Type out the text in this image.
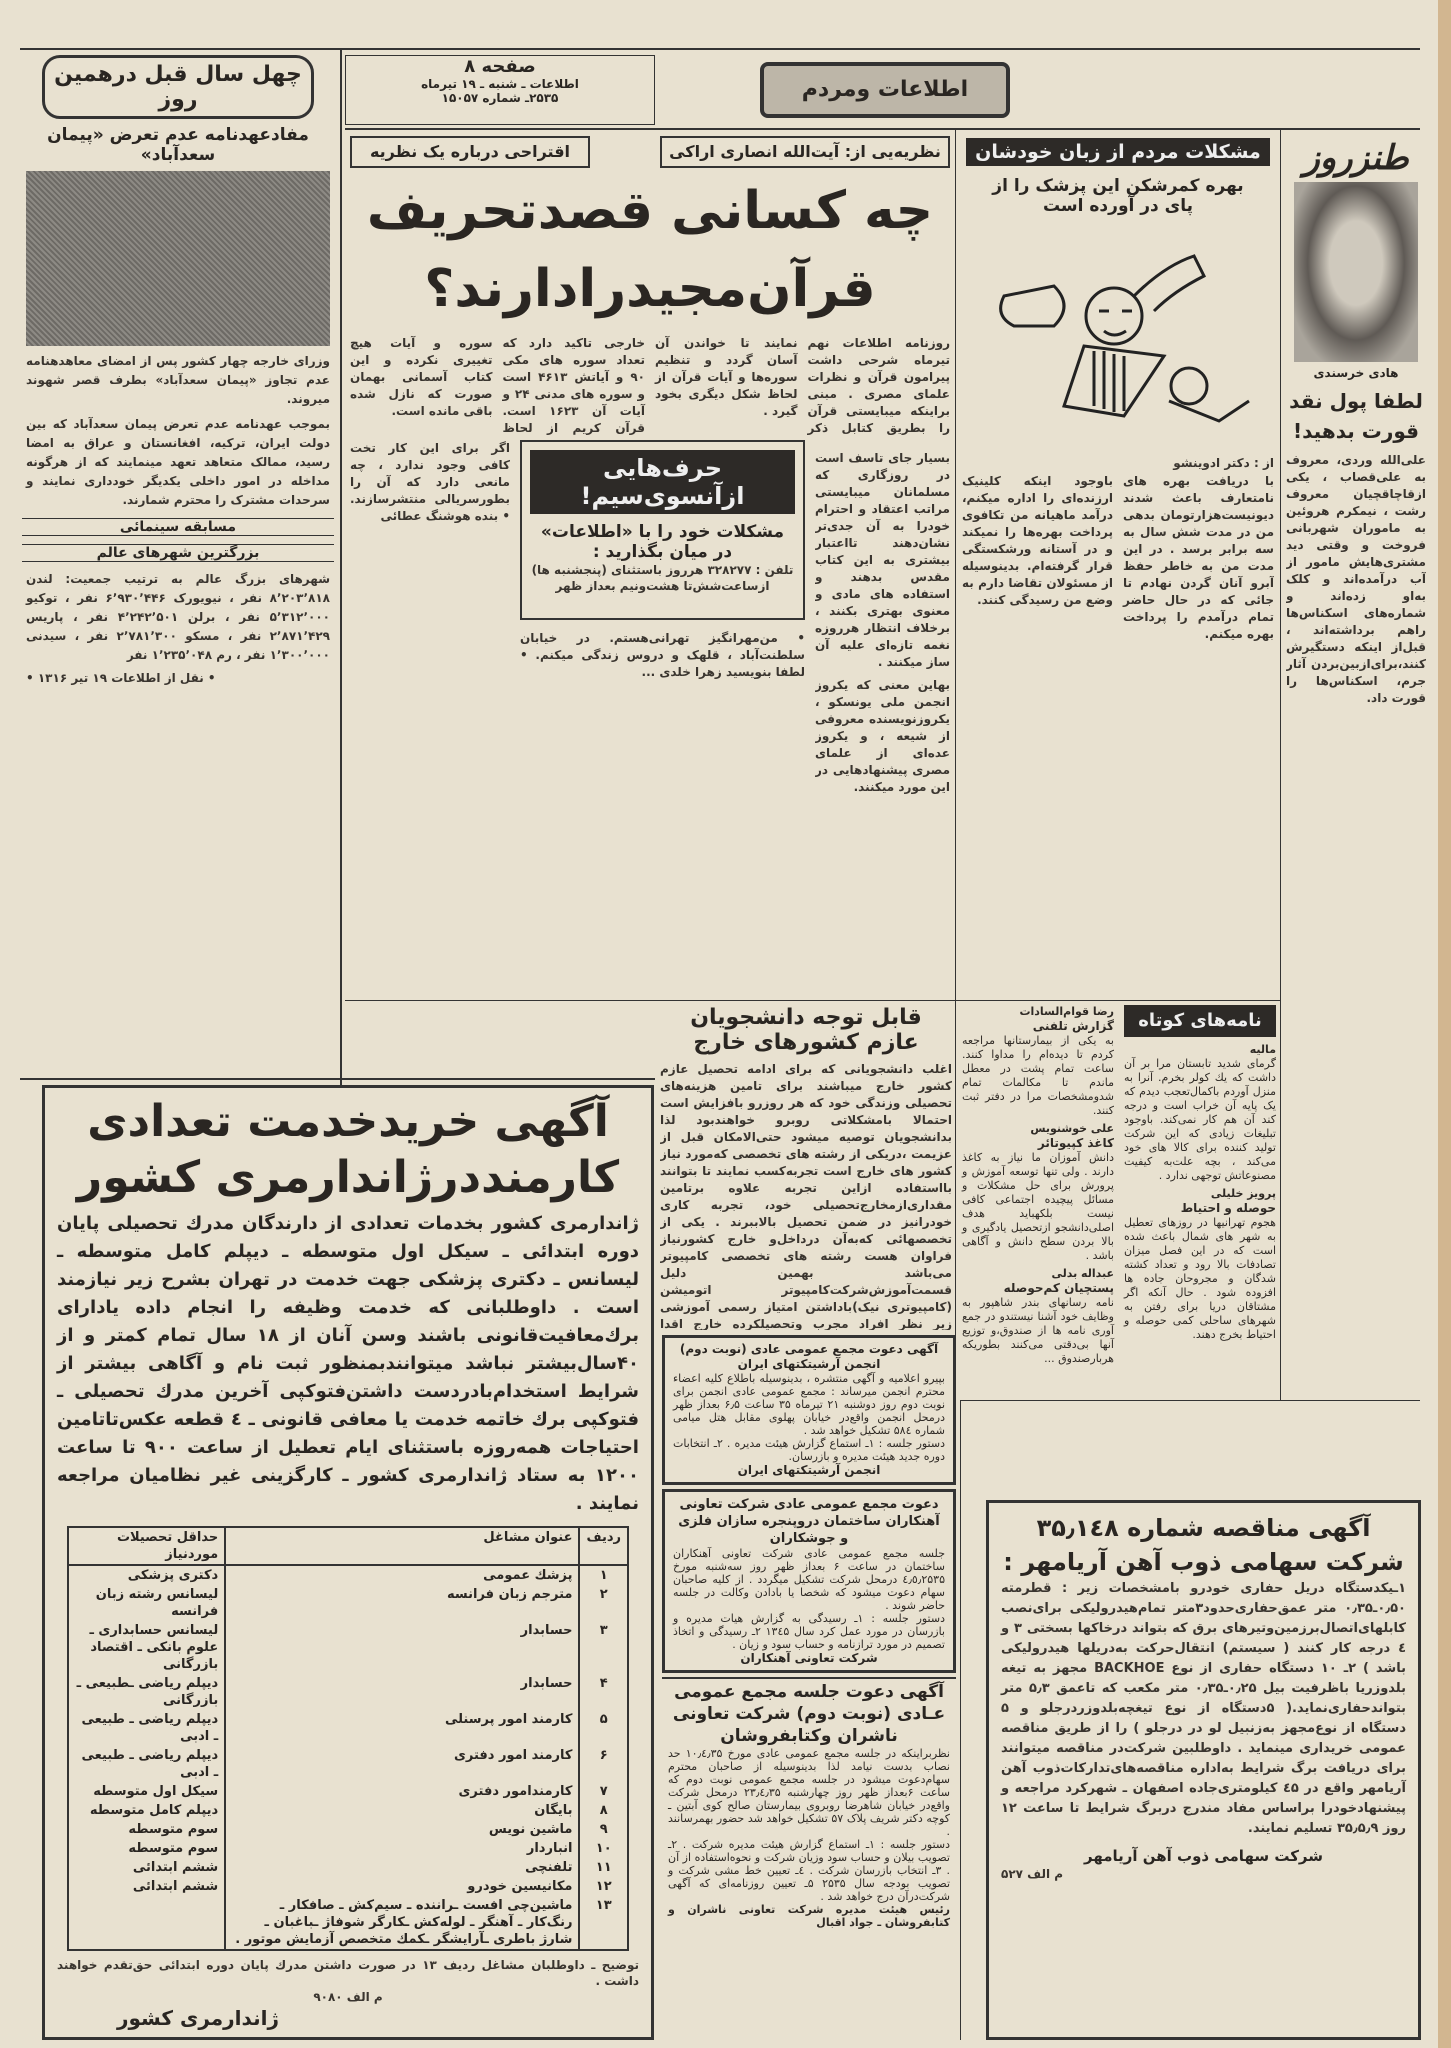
چهل سال قبل درهمین روز
مفادعهدنامه عدم تعرض «پیمان سعدآباد»
وزرای خارجه چهار کشور پس از امضای معاهدهنامه عدم تجاوز «پیمان سعدآباد» بطرف قصر شهوند میروند.
بموجب عهدنامه عدم تعرض پیمان سعدآباد که بین دولت ایران، ترکیه، افغانستان و عراق به امضا رسید، ممالک متعاهد تعهد مینمایند که از هرگونه مداخله در امور داخلی یکدیگر خودداری نمایند و سرحدات مشترک را محترم شمارند.
مسابقه سینمائی
بزرگترین شهرهای عالم
شهرهای بزرگ عالم به ترتیب جمعیت: لندن ۸٬۲۰۳٬۸۱۸ نفر ، نیویورک ۶٬۹۳۰٬۴۴۶ نفر ، توکیو ۵٬۳۱۲٬۰۰۰ نفر ، برلن ۴٬۲۴۲٬۵۰۱ نفر ، پاریس ۲٬۸۷۱٬۴۲۹ نفر ، مسکو ۲٬۷۸۱٬۳۰۰ نفر ، سیدنی ۱٬۳۰۰٬۰۰۰ نفر ، رم ۱٬۲۳۵٬۰۴۸ نفر
• نقل از اطلاعات ۱۹ تیر ۱۳۱۶ •
صفحه ۸
اطلاعات ـ شنبه ـ ۱۹ تیرماه
۲۵۳۵ـ شماره ۱۵۰۵۷	اطلاعات ومردم
اقتراحی درباره یک نظریه	نظریه‌یی از: آیت‌الله انصاری اراکی
چه کسانی قصدتحریف قرآن‌مجیدرادارند؟

روزنامه اطلاعات نهم تیرماه شرحی داشت پیرامون قرآن و نظرات علمای مصری . مبنی براینکه میبایستی قرآن را بطریق کتابل ذکر نمایند تا خواندن آن آسان گردد و تنظیم سوره‌ها و آیات قرآن از لحاظ شکل دیگری بخود گیرد .

خارجی تاکید دارد که تعداد سوره های مکی ۹۰ و آیاتش ۴۶۱۳ است و سوره های مدنی ۲۴ و آیات آن ۱۶۲۳ است. قرآن کریم از لحاظ سوره و آیات هیچ تغییری نکرده و این کتاب آسمانی بهمان صورت که نازل شده باقی مانده است.

بسیار جای تاسف است در روزگاری که مسلمانان میبایستی مراتب اعتقاد و احترام خودرا به آن جدی‌تر نشان‌دهند تااعتبار بیشتری به این کتاب مقدس بدهند و استفاده های مادی و معنوی بهتری بکنند ، برخلاف انتظار هرروزه نغمه تازه‌ای علیه آن ساز میکنند .

بهاین معنی که یکروز انجمن ملی یونسکو ، یکروزنویسنده معروفی از شیعه ، و یکروز عده‌ای از علمای مصری پیشنهادهایی در این مورد میکنند.

حرف‌هایی ازآنسوی‌سیم!
مشکلات خود را با «اطلاعات»
در میان بگذارید :
تلفن : ۳۲۸۲۷۷ هرروز باستثنای (پنجشنبه ها) ازساعت‌شش‌تا هشت‌ونیم بعداز ظهر

اگر برای این کار تخت کافی وجود ندارد ، چه مانعی دارد که آن را بطورسریالی منتشرسازند. • بنده هوشنگ عطائی

• من‌مهرانگیز تهرانی‌هستم. در خیابان سلطنت‌آباد ، قلهک و دروس زندگی میکنم. • لطفا بنویسید زهرا خلدی ...
مشکلات مردم از زبان خودشان
بهره کمرشکن این پزشک را از پای در آورده است
از : دکتر ادوینشو

با دریافت بهره های نامتعارف باعث شدند دیونیست‌هزارتومان بدهی من در مدت شش سال به سه برابر برسد . در این مدت من به خاطر حفظ آبرو آنان گردن نهادم تا جائی که در حال حاضر تمام درآمدم را پرداخت بهره میکنم.

باوجود اینکه کلینیک ارزنده‌ای را اداره میکنم، درآمد ماهیانه من تکافوی پرداخت بهره‌ها را نمیکند و در آستانه ورشکستگی قرار گرفته‌ام. بدینوسیله از مسئولان تقاضا دارم به وضع من رسیدگی کنند.

طنزروز
هادی خرسندی
لطفا پول نقد قورت بدهید!
علی‌الله وردی، معروف به علی‌قصاب ، یکی ازقاچاقچیان معروف رشت ، نیمکرم هروئین به ماموران شهربانی فروخت و وقتی دید مشتری‌هایش مامور از آب درآمده‌اند و کلک به‌او زده‌اند و شماره‌های اسکناس‌ها راهم برداشته‌اند ، قبل‌از اینکه دستگیرش کنند،برای‌ازبین‌بردن آثار جرم، اسکناس‌ها را قورت داد.
قابل توجه دانشجویان
عازم کشورهای خارج
اغلب دانشجویانی که برای ادامه تحصیل عازم کشور خارج میباشند برای تامین هزینه‌های تحصیلی وزندگی خود که هر روزرو بافزایش است احتمالا بامشکلاتی روبرو خواهندبود لذا بدانشجویان توصیه میشود حتی‌الامکان قبل از عزیمت ،دریکی از رشته های تخصصی که‌مورد نیاز کشور های خارج است تجربه‌کسب نمایند تا بتوانند بااستفاده ازاین تجربه علاوه برتامین مقداری‌ازمخارج‌تحصیلی خود، تجربه کاری خودرانیز در ضمن تحصیل بالاببرند . یکی از تخصصهائی که‌به‌آن درداخل‌و خارج کشورنیاز فراوان هست رشته های تخصصی کامپیوتر می‌باشد بهمین دلیل قسمت‌آموزش‌شرکت‌کامپیوتر اتومیشن (کامپیوتری نیک)باداشتن امتیاز رسمی آموزشی زیر نظر افراد مجرب وتحصیلکرده خارج اقدا
نامه‌های کوتاه
ماليه

گرمای شدید تابستان مرا بر آن داشت که یك کولر بخرم. آنرا به منزل آوردم باکمال‌تعجب دیدم که یک پایه آن خراب است و درجه کند آن هم کار نمی‌کند. باوجود تبلیغات زیادی که این شرکت تولید کننده برای کالا های خود می‌کند ، بچه علت‌به کیفیت مصنوعاتش توجهی ندارد .

پرویز خلیلی
حوصله و احتیاط

هجوم تهرانیها در روزهای تعطیل به شهر های شمال باعث شده است که در این فصل میزان تصادفات بالا رود و تعداد کشته شدگان و مجروحان جاده ها افزوده شود . حال آنکه اگر مشتاقان دریا برای رفتن به شهرهای ساحلی کمی حوصله و احتیاط بخرج دهند.

رضا قوام‌السادات
گزارش تلفنی

به یکی از بیمارستانها مراجعه کردم تا دیده‌ام را مداوا کنند. ساعت تمام پشت در معطل ماندم تا مکالمات تمام شدومشخصات مرا در دفتر ثبت کنند.

علی خوشنویس
کاغذ کپیوتائر

دانش آموزان ما نیاز به کاغذ دارند . ولی تنها توسعه آموزش و پرورش برای حل مشکلات و مسائل پیچیده اجتماعی کافی نیست بلکهباید هدف اصلی‌دانشجو ازتحصیل یادگیری و بالا بردن سطح دانش و آگاهی باشد .

عبداله بدلی
پستچیان کم‌حوصله

نامه رسانهای بندر شاهپور به وظایف خود آشنا نیستندو در جمع آوری نامه ها از صندوق،و توزیع آنها بی‌دقتی می‌کنند بطوریکه هربارصندوق ...

آگهی خریدخدمت تعدادی
کارمنددرژاندارمری کشور
ژاندارمری کشور بخدمات تعدادی از دارندگان مدرك تحصیلی پایان دوره ابتدائی ـ سیکل اول متوسطه ـ دیپلم کامل متوسطه ـ لیسانس ـ دکتری پزشکی جهت خدمت در تهران بشرح زیر نیازمند است . داوطلبانی که خدمت وظیفه را انجام داده یادارای برك‌معافیت‌قانونی باشند وسن آنان از ۱۸ سال تمام کمتر و از ۴۰سال‌بیشتر نباشد میتوانند‌بمنظور ثبت نام و آگاهی بیشتر از شرایط استخدام‌بادردست داشتن‌فتوکپی آخرین مدرك تحصیلی ـ فتوکپی برك خاتمه خدمت یا معافی قانونی ـ ٤ قطعه عکس‌تاتامین احتیاجات همه‌روزه باستثنای ایام تعطیل از ساعت ۹۰۰ تا ساعت ۱۲۰۰ به ستاد ژاندارمری کشور ـ کارگزینی غیر نظامیان مراجعه نمایند .
ردیف	عنوان مشاغل	حداقل تحصیلات موردنیاز
۱	پزشك عمومی	دکتری پزشکی
۲	مترجم زبان فرانسه	لیسانس رشته زبان فرانسه
۳	حسابدار	لیسانس حسابداری ـ علوم بانکی ـ اقتصاد بازرگانی
۴	حسابدار	دیپلم ریاضی ـطبیعی ـ بازرگانی
۵	کارمند امور پرسنلی	دیپلم ریاضی ـ طبیعی ـ ادبی
۶	کارمند امور دفتری	دیپلم ریاضی ـ طبیعی ـ ادبی
۷	کارمندامور دفتری	سیکل اول متوسطه
۸	بایگان	دیپلم کامل متوسطه
۹	ماشین نویس	سوم متوسطه
۱۰	انباردار	سوم متوسطه
۱۱	تلفنچی	ششم ابتدائی
۱۲	مکانیسین خودرو	ششم ابتدائی
۱۳	ماشین‌چی افست ـراننده ـ سیم‌کش ـ صافکار ـ رنگ‌کار ـ آهنگر ـ لوله‌کش ـکارگر شوفاژ ـباغبان ـ شارژ باطری ـآرایشگر ـکمك متخصص آزمایش موتور .	
توضیح ـ داوطلبان مشاغل ردیف ۱۳ در صورت داشتن مدرك پایان دوره ابتدائی حق‌تقدم خواهند داشت .
م الف ۹۰۸۰
ژاندارمری کشور
آگهی دعوت مجمع عمومی عادی (نوبت دوم) انجمن آرشیتکتهای ایران
بپیرو اعلامیه و آگهی منتشره ، بدینوسیله باطلاع کلیه اعضاء محترم انجمن میرساند : مجمع عمومی عادی انجمن برای نوبت دوم روز دوشنبه ۲۱ تیرماه ۳۵ ساعت ۶٫۵ بعداز ظهر درمحل انجمن واقع‌در خیابان پهلوی مقابل هتل میامی شماره ۵۸٤ تشکیل خواهد شد .
دستور جلسه : ۱ـ استماع گزارش هیئت مدیره . ۲ـ انتخابات دوره جدید هیئت مدیره و بازرسان.
انجمن آرشیتکتهای ایران
دعوت مجمع عمومی عادی شرکت تعاونی آهنکاران ساختمان درو‌پنجره سازان فلزی و جوشکاران
جلسه مجمع عمومی عادی شرکت تعاونی آهنکاران ساختمان در ساعت ۶ بعداز ظهر روز سه‌شنبه مورخ ٤٫٥٫۲۵۳۵ درمحل شرکت تشکیل میگردد . از کلیه صاحبان سهام دعوت میشود که شخصا یا بادادن وکالت در جلسه حاضر شوند .
دستور جلسه : ۱ـ رسیدگی به گزارش هیات مدیره و بازرسان در مورد عمل کرد سال ۱۳٤۵ ۲ـ رسیدگی و اتخاذ تصمیم در مورد ترازنامه و حساب سود و زیان .
شرکت تعاونی آهنکاران
آگهی دعوت جلسه مجمع عمومی عـادی (نوبت دوم) شرکت تعاونی ناشران وکتابفروشان
نظربراینکه در جلسه مجمع عمومی عادی مورخ ۱۰٫٤٫۳۵ حد نصاب بدست نیامد لذا بدینوسیله از صاحبان محترم سهام‌دعوت میشود در جلسه مجمع عمومی نوبت دوم که ساعت ۶بعداز ظهر روز چهارشنبه ۲۳٫٤٫۳۵ درمحل شرکت واقع‌در خیابان شاهرضا روبروی بیمارستان صالح کوی آبتین ـ کوچه دکتر شریف پلاک ۵۷ تشکیل خواهد شد حضور بهمرسانند .
دستور جلسه : ۱ـ استماع گزارش هیئت مدیره شرکت . ۲ـ تصویب بیلان و حساب سود وزیان شرکت و نحوه‌استفاده از آن . ۳ـ انتخاب بازرسان شرکت . ٤ـ تعیین خط مشی شرکت و تصویب بودجه سال ۲۵۳۵ ۵ـ تعیین روزنامه‌ای که آگهی شرکت‌درآن درج خواهد شد .
رئیس هیئت مدیره شرکت تعاونی ناشران و کتابفروشان ـ جواد اقبال
آگهی مناقصه شماره ۳۵٫۱٤۸
شرکت سهامی ذوب آهن آریامهر :
۱ـیکدستگاه دریل حفاری خودرو بامشخصات زیر : قطرمته ۰٫۵۰ـ۰٫۳۵ متر عمق‌حفاری‌حدود۳متر تمام‌هیدرولیکی برای‌نصب کابلهای‌اتصال‌برزمین‌وتیرهای برق که بتواند درخاکها بسختی ۳ و ٤ درجه کار کنند ( سیستم) انتقال‌حرکت به‌دریلها هیدرولیکی باشد ) ۲ـ ۱۰ دستگاه حفاری از نوع BACKHOE مجهز به تیغه بلدوزریا باظرفیت بیل ۰٫۲۵ـ۰٫۳۵ متر مکعب که تاعمق ۵٫۳ متر بتواندحفاری‌نماید.( ۵دستگاه از نوع تیغچه‌بلدوزردرجلو و ۵ دستگاه از نوع‌مجهز به‌زنبیل لو در درجلو ) را از طریق مناقصه عمومی خریداری مینماید . داوطلبین شرکت‌در مناقصه میتوانند برای دریافت برگ شرایط به‌اداره مناقصه‌های‌تدارکات‌ذوب آهن آریامهر واقع در ٤۵ کیلومتری‌جاده اصفهان ـ شهرکرد مراجعه و پیشنهاد‌خودرا براساس مفاد مندرج دربرگ شرایط تا ساعت ۱۲ روز ۳۵٫۵٫۹ تسلیم نمایند.
شرکت سهامی ذوب آهن آریامهر
م الف ۵۲۷
